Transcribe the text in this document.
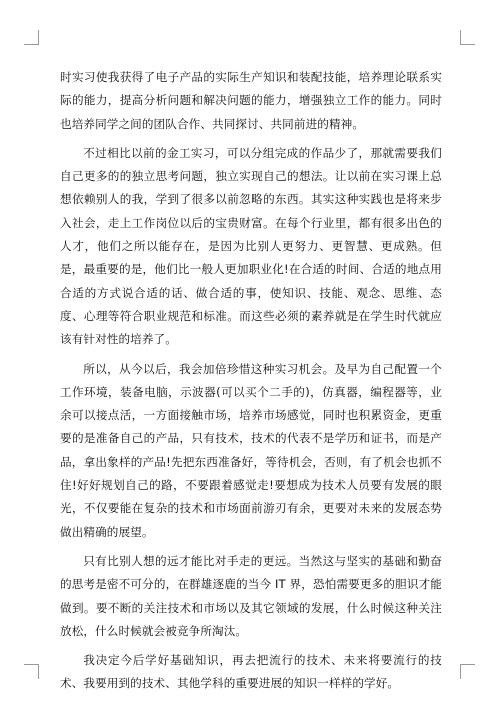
时实习使我获得了电子产品的实际生产知识和装配技能，培养理论联系实际的能力，提高分析问题和解决问题的能力，增强独立工作的能力。同时也培养同学之间的团队合作、共同探讨、共同前进的精神。

不过相比以前的金工实习，可以分组完成的作品少了，那就需要我们自己更多的的独立思考问题，独立实现自己的想法。让以前在实习课上总想依赖别人的我，学到了很多以前忽略的东西。其实这种实践也是将来步入社会，走上工作岗位以后的宝贵财富。在每个行业里，都有很多出色的人才，他们之所以能存在，是因为比别人更努力、更智慧、更成熟。但是，最重要的是，他们比一般人更加职业化!在合适的时间、合适的地点用合适的方式说合适的话、做合适的事，使知识、技能、观念、思维、态度、心理等符合职业规范和标准。而这些必须的素养就是在学生时代就应该有针对性的培养了。

所以，从今以后，我会加倍珍惜这种实习机会。及早为自己配置一个工作环境，装备电脑，示波器(可以买个二手的)，仿真器，编程器等，业余可以接点活，一方面接触市场，培养市场感觉，同时也积累资金，更重要的是准备自己的产品，只有技术，技术的代表不是学历和证书，而是产品，拿出象样的产品!先把东西准备好，等待机会，否则，有了机会也抓不住!好好规划自己的路，不要跟着感觉走!要想成为技术人员要有发展的眼光，不仅要能在复杂的技术和市场面前游刃有余，更要对未来的发展态势做出精确的展望。

只有比别人想的远才能比对手走的更远。当然这与坚实的基础和勤奋的思考是密不可分的，在群雄逐鹿的当今 IT 界，恐怕需要更多的胆识才能做到。要不断的关注技术和市场以及其它领域的发展，什么时候这种关注放松，什么时候就会被竞争所淘汰。

我决定今后学好基础知识，再去把流行的技术、未来将要流行的技术、我要用到的技术、其他学科的重要进展的知识一样样的学好。
